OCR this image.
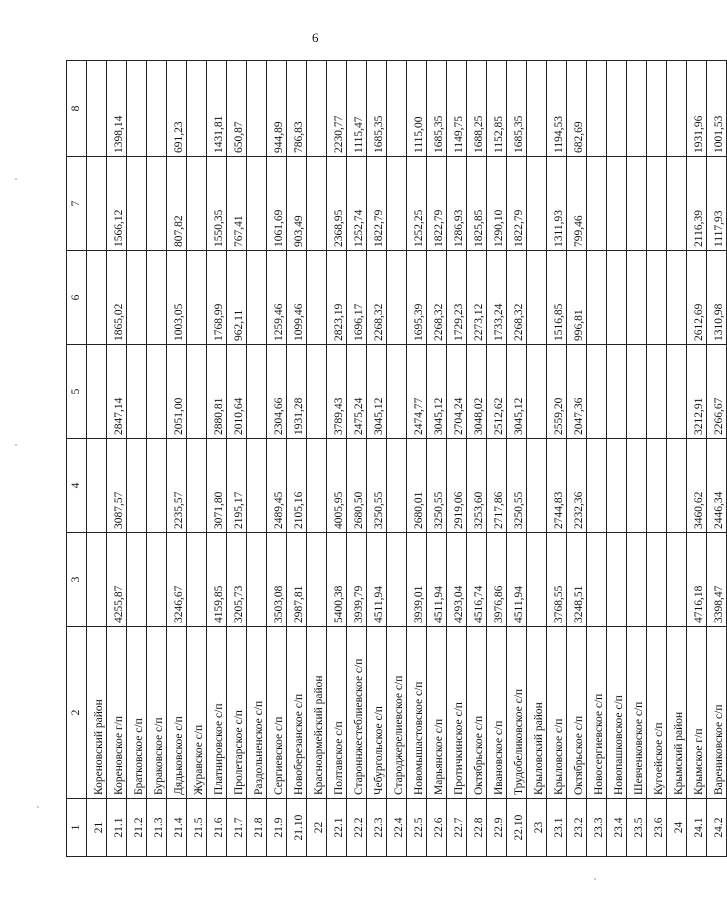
6
1	2	3	4	5	6	7	8
21	Кореновский район						
21.1	Кореновское г/п	4255,87	3087,57	2847,14	1865,02	1566,12	1398,14
21.2	Братковское с/п						
21.3	Бураковское с/п						
21.4	Дядьковское с/п	3246,67	2235,57	2051,00	1003,05	807,82	691,23
21.5	Журавское с/п						
21.6	Платнировское с/п	4159,85	3071,80	2880,81	1768,99	1550,35	1431,81
21.7	Пролетарское с/п	3205,73	2195,17	2010,64	962,11	767,41	650,87
21.8	Раздольненское с/п						
21.9	Сергиевское с/п	3503,08	2489,45	2304,66	1259,46	1061,69	944,89
21.10	Новоберезанское с/п	2987,81	2105,16	1931,28	1099,46	903,49	786,83
22	Красноармейский район						
22.1	Полтавское с/п	5400,38	4005,95	3789,43	2823,19	2368,95	2230,77
22.2	Староннжестеблиевское с/п	3939,79	2680,50	2475,24	1696,17	1252,74	1115,47
22.3	Чебургольское с/п	4511,94	3250,55	3045,12	2268,32	1822,79	1685,35
22.4	Староджерелиевское с/п						
22.5	Новомышастовское с/п	3939,01	2680,01	2474,77	1695,39	1252,25	1115,00
22.6	Марьянское с/п	4511,94	3250,55	3045,12	2268,32	1822,79	1685,35
22.7	Протичкинское с/п	4293,04	2919,06	2704,24	1729,23	1286,93	1149,75
22.8	Октябрьское с/п	4516,74	3253,60	3048,02	2273,12	1825,85	1688,25
22.9	Ивановское с/п	3976,86	2717,86	2512,62	1733,24	1290,10	1152,85
22.10	Трудобеликовское с/п	4511,94	3250,55	3045,12	2268,32	1822,79	1685,35
23	Крыловский район						
23.1	Крыловское с/п	3768,55	2744,83	2559,20	1516,85	1311,93	1194,53
23.2	Октябрьское с/п	3248,51	2232,36	2047,36	996,81	799,46	682,69
23.3	Новосергиевское с/п						
23.4	Новопашковское с/п						
23.5	Шевченковское с/п						
23.6	Кугоейское с/п						
24	Крымский район						
24.1	Крымское г/п	4716,18	3460,62	3212,91	2612,69	2116,39	1931,96
24.2	Варениковское с/п	3398,47	2446,34	2266,67	1310,98	1117,93	1001,53
